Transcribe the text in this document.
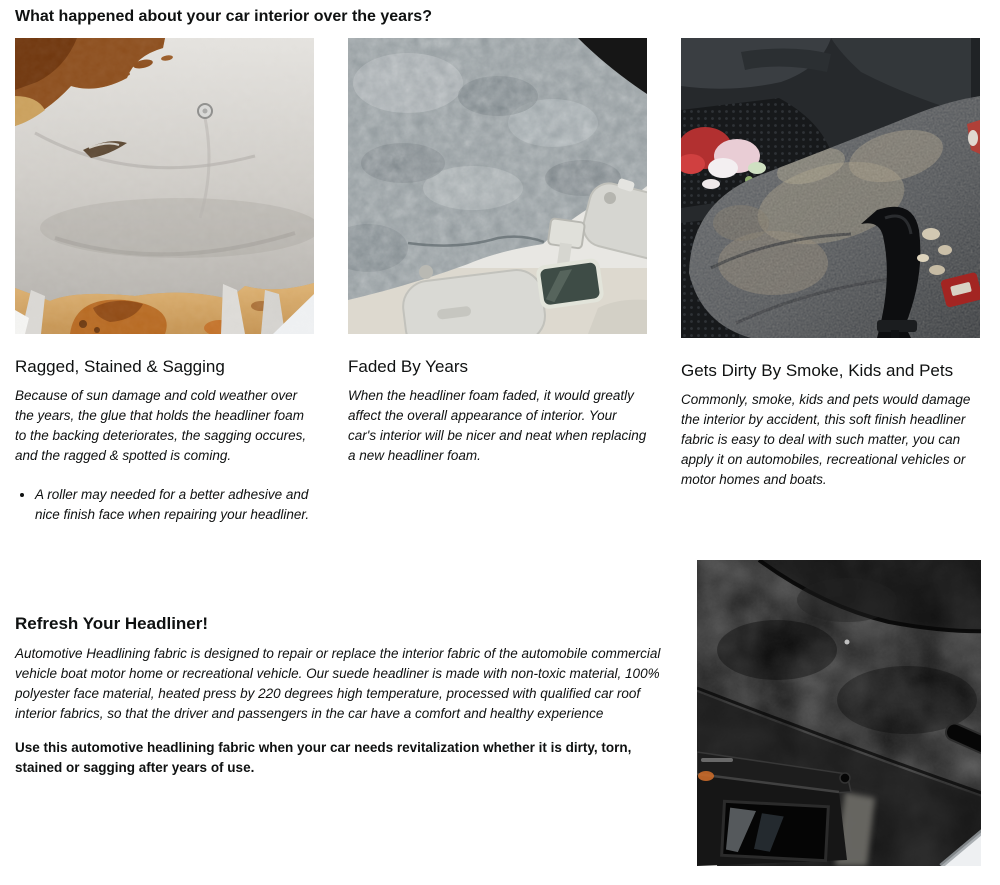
What happened about your car interior over the years?
Ragged, Stained & Sagging

Because of sun damage and cold weather over the years, the glue that holds the headliner foam to the backing deteriorates, the sagging occures, and the ragged & spotted is coming.

• A roller may needed for a better adhesive and nice finish face when repairing your headliner.
Faded By Years

When the headliner foam faded, it would greatly affect the overall appearance of interior. Your car's interior will be nicer and neat when replacing a new headliner foam.

Gets Dirty By Smoke, Kids and Pets

Commonly, smoke, kids and pets would damage the interior by accident, this soft finish headliner fabric is easy to deal with such matter, you can apply it on automobiles, recreational vehicles or motor homes and boats.

Refresh Your Headliner!

Automotive Headlining fabric is designed to repair or replace the interior fabric of the automobile commercial vehicle boat motor home or recreational vehicle. Our suede headliner is made with non-toxic material, 100% polyester face material, heated press by 220 degrees high temperature, processed with qualified car roof interior fabrics, so that the driver and passengers in the car have a comfort and healthy experience

Use this automotive headlining fabric when your car needs revitalization whether it is dirty, torn, stained or sagging after years of use.
